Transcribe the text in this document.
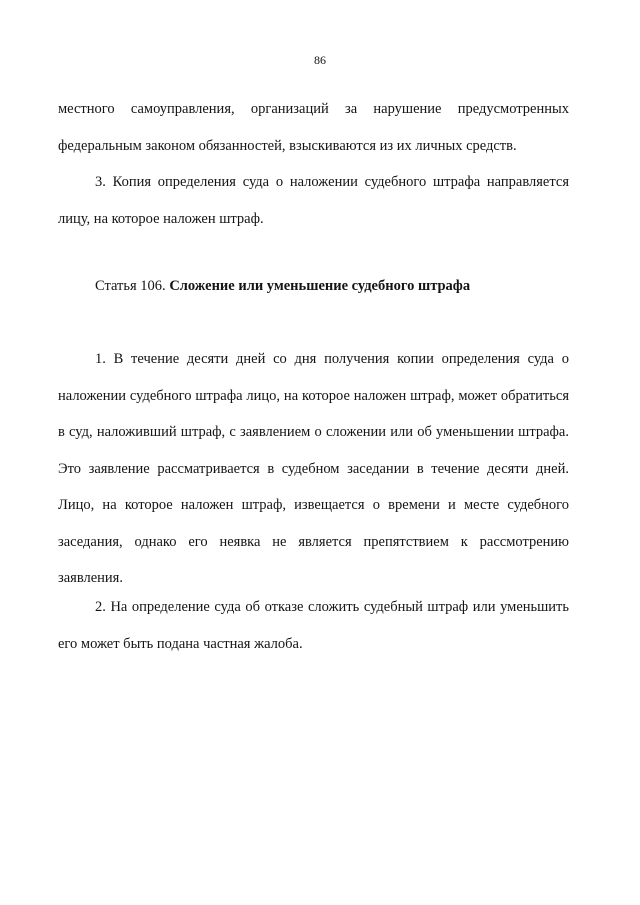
86

местного самоуправления, организаций за нарушение предусмотренных федеральным законом обязанностей, взыскиваются из их личных средств.

3. Копия определения суда о наложении судебного штрафа направляется лицу, на которое наложен штраф.

Статья 106. Сложение или уменьшение судебного штрафа

1. В течение десяти дней со дня получения копии определения суда о наложении судебного штрафа лицо, на которое наложен штраф, может обратиться в суд, наложивший штраф, с заявлением о сложении или об уменьшении штрафа. Это заявление рассматривается в судебном заседании в течение десяти дней. Лицо, на которое наложен штраф, извещается о времени и месте судебного заседания, однако его неявка не является препятствием к рассмотрению заявления.

2. На определение суда об отказе сложить судебный штраф или уменьшить его может быть подана частная жалоба.
